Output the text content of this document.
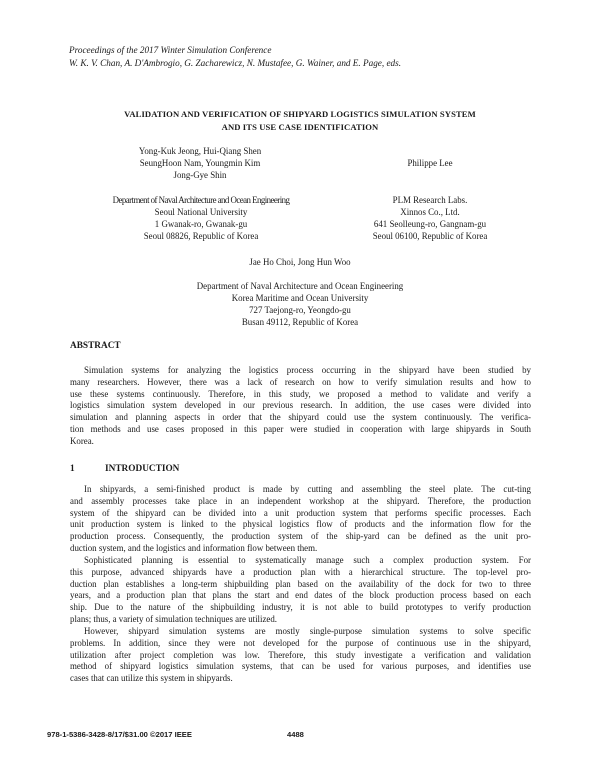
Proceedings of the 2017 Winter Simulation Conference
W. K. V. Chan, A. D'Ambrogio, G. Zacharewicz, N. Mustafee, G. Wainer, and E. Page, eds.
VALIDATION AND VERIFICATION OF SHIPYARD LOGISTICS SIMULATION SYSTEM
AND ITS USE CASE IDENTIFICATION
Yong-Kuk Jeong, Hui-Qiang Shen
SeungHoon Nam, Youngmin Kim
Jong-Gye Shin
Philippe Lee
Department of Naval Architecture and Ocean Engineering
Seoul National University
1 Gwanak-ro, Gwanak-gu
Seoul 08826, Republic of Korea
PLM Research Labs.
Xinnos Co., Ltd.
641 Seolleung-ro, Gangnam-gu
Seoul 06100, Republic of Korea
Jae Ho Choi, Jong Hun Woo
Department of Naval Architecture and Ocean Engineering
Korea Maritime and Ocean University
727 Taejong-ro, Yeongdo-gu
Busan 49112, Republic of Korea
ABSTRACT
Simulation systems for analyzing the logistics process occurring in the shipyard have been studied by
many researchers. However, there was a lack of research on how to verify simulation results and how to
use these systems continuously. Therefore, in this study, we proposed a method to validate and verify a
logistics simulation system developed in our previous research. In addition, the use cases were divided into
simulation and planning aspects in order that the shipyard could use the system continuously. The verifica-
tion methods and use cases proposed in this paper were studied in cooperation with large shipyards in South
Korea.
1	INTRODUCTION
In shipyards, a semi-finished product is made by cutting and assembling the steel plate. The cut-ting
and assembly processes take place in an independent workshop at the shipyard. Therefore, the production
system of the shipyard can be divided into a unit production system that performs specific processes. Each
unit production system is linked to the physical logistics flow of products and the information flow for the
production process. Consequently, the production system of the ship-yard can be defined as the unit pro-
duction system, and the logistics and information flow between them.
Sophisticated planning is essential to systematically manage such a complex production system. For
this purpose, advanced shipyards have a production plan with a hierarchical structure. The top-level pro-
duction plan establishes a long-term shipbuilding plan based on the availability of the dock for two to three
years, and a production plan that plans the start and end dates of the block production process based on each
ship. Due to the nature of the shipbuilding industry, it is not able to build prototypes to verify production
plans; thus, a variety of simulation techniques are utilized.
However, shipyard simulation systems are mostly single-purpose simulation systems to solve specific
problems. In addition, since they were not developed for the purpose of continuous use in the shipyard,
utilization after project completion was low. Therefore, this study investigate a verification and validation
method of shipyard logistics simulation systems, that can be used for various purposes, and identifies use
cases that can utilize this system in shipyards.
978-1-5386-3428-8/17/$31.00 ©2017 IEEE	4488
